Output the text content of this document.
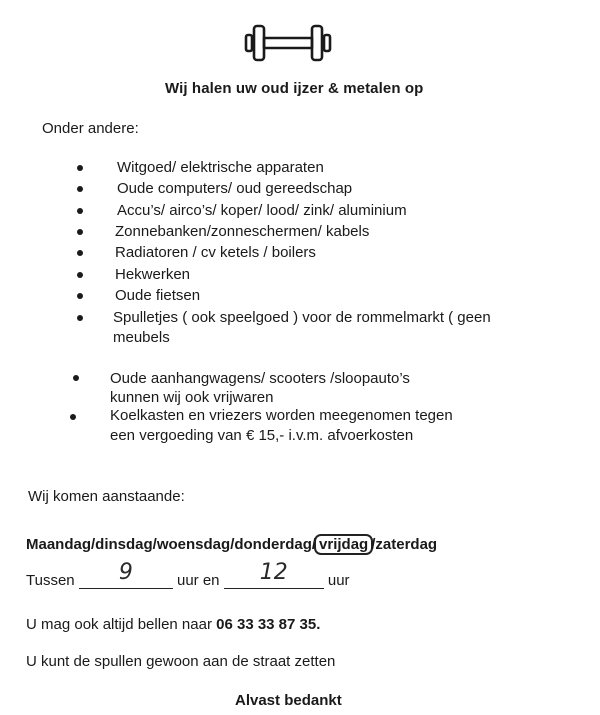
Wij halen uw oud ijzer & metalen op
Onder andere:
Witgoed/ elektrische apparaten
Oude computers/ oud gereedschap
Accu’s/ airco’s/ koper/ lood/ zink/ aluminium
Zonnebanken/zonneschermen/ kabels
Radiatoren / cv ketels / boilers
Hekwerken
Oude fietsen
Spulletjes ( ook speelgoed ) voor de rommelmarkt ( geen
meubels
Oude aanhangwagens/ scooters /sloopauto’s
kunnen wij ook vrijwaren
Koelkasten en vriezers worden meegenomen tegen
een vergoeding van € 15,- i.v.m. afvoerkosten
Wij komen aanstaande:
Maandag/dinsdag/woensdag/donderdag/ vrijdag /zaterdag
Tussen	9	uur en	12	uur
U mag ook altijd bellen naar 06 33 33 87 35.
U kunt de spullen gewoon aan de straat zetten
Alvast bedankt
